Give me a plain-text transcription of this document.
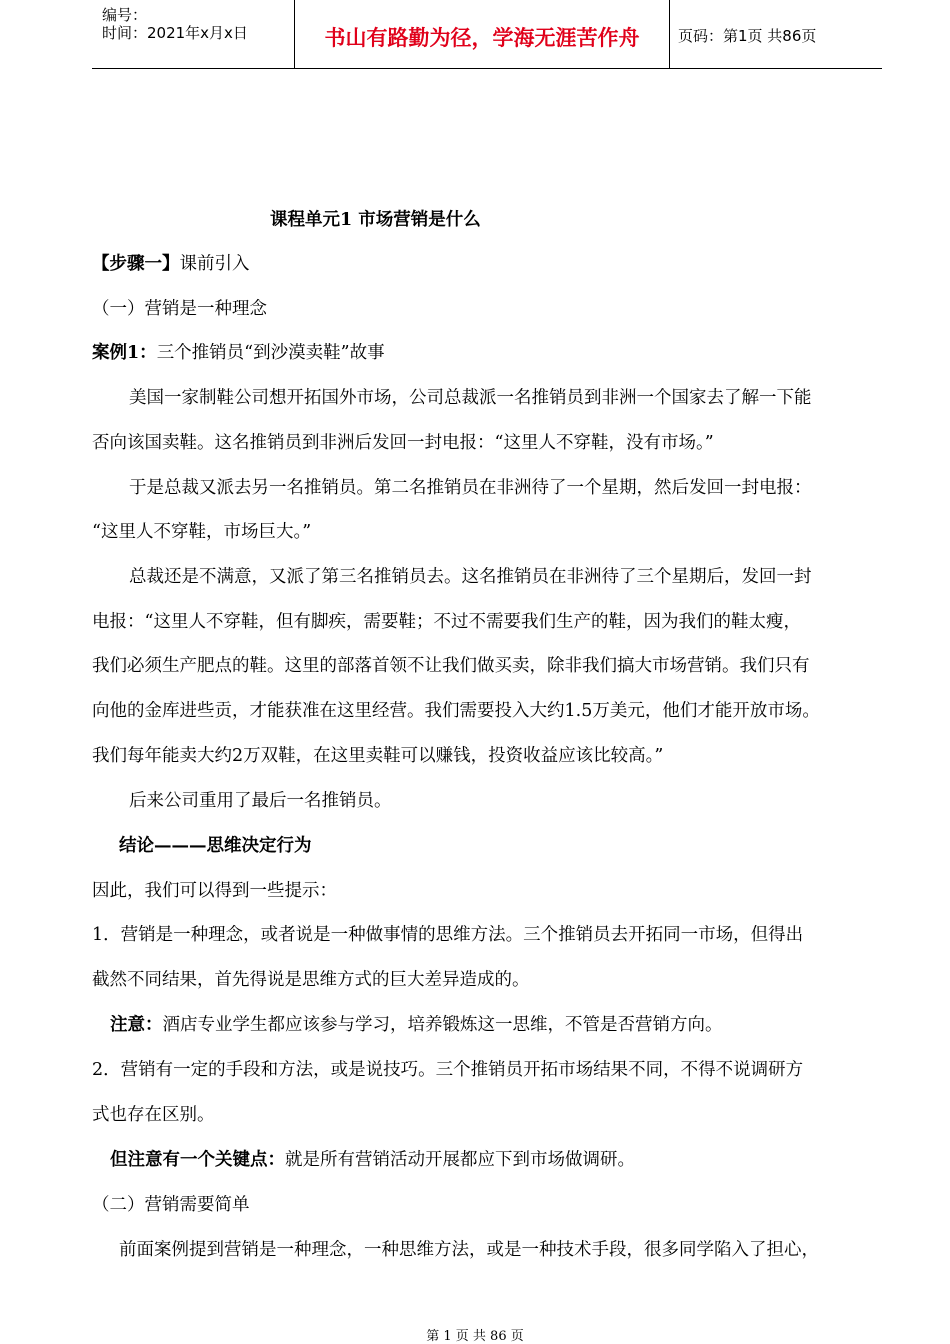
编号：
时间：2021年x月x日	书山有路勤为径，学海无涯苦作舟	页码：第1页 共86页
课程单元1 市场营销是什么
【步骤一】课前引入
（一）营销是一种理念
案例1：三个推销员“到沙漠卖鞋”故事
美国一家制鞋公司想开拓国外市场，公司总裁派一名推销员到非洲一个国家去了解一下能
否向该国卖鞋。这名推销员到非洲后发回一封电报：“这里人不穿鞋，没有市场。”
于是总裁又派去另一名推销员。第二名推销员在非洲待了一个星期，然后发回一封电报：
“这里人不穿鞋，市场巨大。”
总裁还是不满意，又派了第三名推销员去。这名推销员在非洲待了三个星期后，发回一封
电报：“这里人不穿鞋，但有脚疾，需要鞋；不过不需要我们生产的鞋，因为我们的鞋太瘦，
我们必须生产肥点的鞋。这里的部落首领不让我们做买卖，除非我们搞大市场营销。我们只有
向他的金库进些贡，才能获准在这里经营。我们需要投入大约1.5万美元，他们才能开放市场。
我们每年能卖大约2万双鞋，在这里卖鞋可以赚钱，投资收益应该比较高。”
后来公司重用了最后一名推销员。
结论———思维决定行为
因此，我们可以得到一些提示：
1．营销是一种理念，或者说是一种做事情的思维方法。三个推销员去开拓同一市场，但得出
截然不同结果，首先得说是思维方式的巨大差异造成的。
注意：酒店专业学生都应该参与学习，培养锻炼这一思维，不管是否营销方向。
2．营销有一定的手段和方法，或是说技巧。三个推销员开拓市场结果不同，不得不说调研方
式也存在区别。
但注意有一个关键点：就是所有营销活动开展都应下到市场做调研。
（二）营销需要简单
前面案例提到营销是一种理念，一种思维方法，或是一种技术手段，很多同学陷入了担心，
第 1 页 共 86 页
